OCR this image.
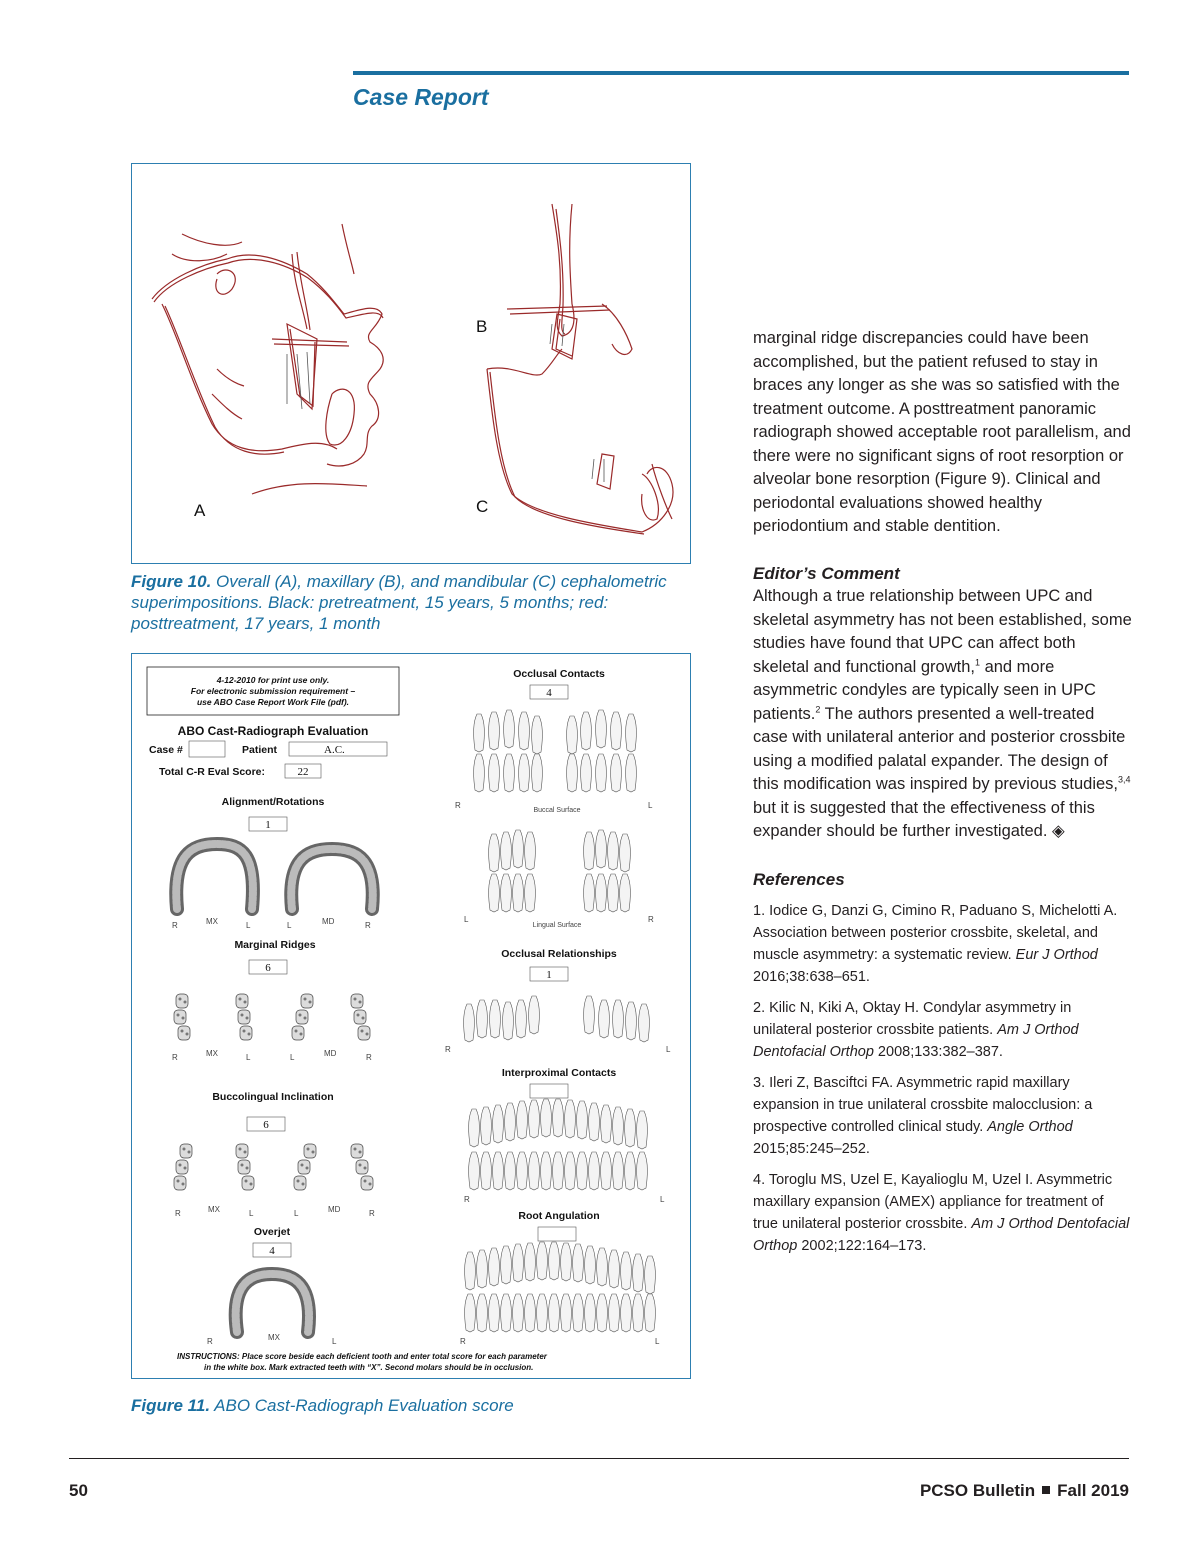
Case Report
A
B
C
Figure 10. Overall (A), maxillary (B), and mandibular (C) cephalometric superimpositions. Black: pretreatment, 15 years, 5 months; red: posttreatment, 17 years, 1 month
4-12-2010 for print use only.
For electronic submission requirement –
use ABO Case Report Work File (pdf).
ABO Cast-Radiograph Evaluation
Case #	Patient	A.C.
Total C-R Eval Score:	22
Alignment/Rotations
1
R	MX	L	L	MD	R
Marginal Ridges
6
R	MX	L	L	MD	R
Buccolingual Inclination
6
R	MX	L	L	MD	R
Overjet
4
R	MX	L
Occlusal Contacts
4
R
Buccal Surface
L
L
Lingual Surface
R
Occlusal Relationships
1
R	L
Interproximal Contacts
R	L
Root Angulation
R	L
INSTRUCTIONS: Place score beside each deficient tooth and enter total score for each parameter
in the white box. Mark extracted teeth with “X”. Second molars should be in occlusion.
Figure 11. ABO Cast-Radiograph Evaluation score
marginal ridge discrepancies could have been accomplished, but the patient refused to stay in braces any longer as she was so satisfied with the treatment outcome. A posttreatment panoramic radiograph showed acceptable root parallelism, and there were no significant signs of root resorption or alveolar bone resorption (Figure 9). Clinical and periodontal evaluations showed healthy periodontium and stable dentition.
Editor’s Comment
Although a true relationship between UPC and skeletal asymmetry has not been established, some studies have found that UPC can affect both skeletal and functional growth,$^1$ and more asymmetric condyles are typically seen in UPC patients.$^2$ The authors presented a well-treated case with unilateral anterior and posterior crossbite using a modified palatal expander. The design of this modification was inspired by previous studies,$^{3,4}$ but it is suggested that the effectiveness of this expander should be further investigated. ◈
References

1. Iodice G, Danzi G, Cimino R, Paduano S, Michelotti A. Association between posterior crossbite, skeletal, and muscle asymmetry: a systematic review. Eur J Orthod 2016;38:638–651.

2. Kilic N, Kiki A, Oktay H. Condylar asymmetry in unilateral posterior crossbite patients. Am J Orthod Dentofacial Orthop 2008;133:382–387.

3. Ileri Z, Basciftci FA. Asymmetric rapid maxillary expansion in true unilateral crossbite malocclusion: a prospective controlled clinical study. Angle Orthod 2015;85:245–252.

4. Toroglu MS, Uzel E, Kayalioglu M, Uzel I. Asymmetric maxillary expansion (AMEX) appliance for treatment of true unilateral posterior crossbite. Am J Orthod Dentofacial Orthop 2002;122:164–173.

50	PCSO Bulletin Fall 2019
